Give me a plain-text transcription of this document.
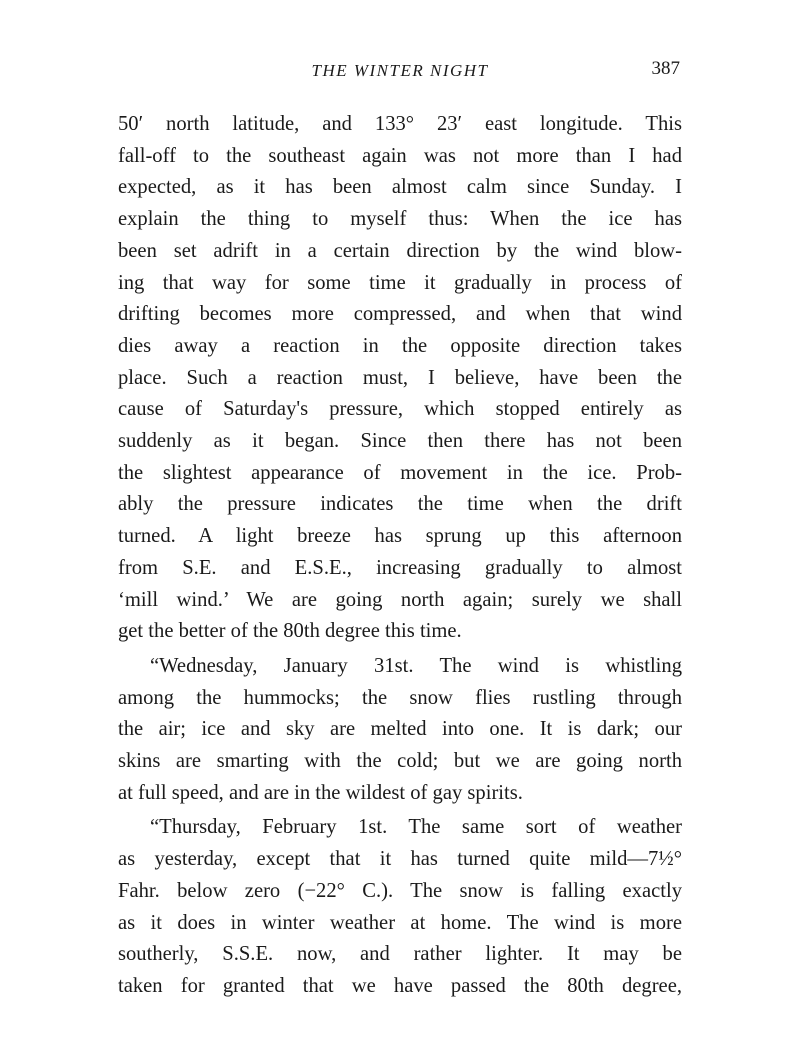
THE WINTER NIGHT	387

50′ north latitude, and 133° 23′ east longitude. This
fall-off to the southeast again was not more than I had
expected, as it has been almost calm since Sunday. I
explain the thing to myself thus: When the ice has
been set adrift in a certain direction by the wind blow-
ing that way for some time it gradually in process of
drifting becomes more compressed, and when that wind
dies away a reaction in the opposite direction takes
place. Such a reaction must, I believe, have been the
cause of Saturday's pressure, which stopped entirely as
suddenly as it began. Since then there has not been
the slightest appearance of movement in the ice. Prob-
ably the pressure indicates the time when the drift
turned. A light breeze has sprung up this afternoon
from S.E. and E.S.E., increasing gradually to almost
‘mill wind.’ We are going north again; surely we shall
get the better of the 80th degree this time.

“Wednesday, January 31st. The wind is whistling
among the hummocks; the snow flies rustling through
the air; ice and sky are melted into one. It is dark; our
skins are smarting with the cold; but we are going north
at full speed, and are in the wildest of gay spirits.

“Thursday, February 1st. The same sort of weather
as yesterday, except that it has turned quite mild—7½°
Fahr. below zero (−22° C.). The snow is falling exactly
as it does in winter weather at home. The wind is more
southerly, S.S.E. now, and rather lighter. It may be
taken for granted that we have passed the 80th degree,
